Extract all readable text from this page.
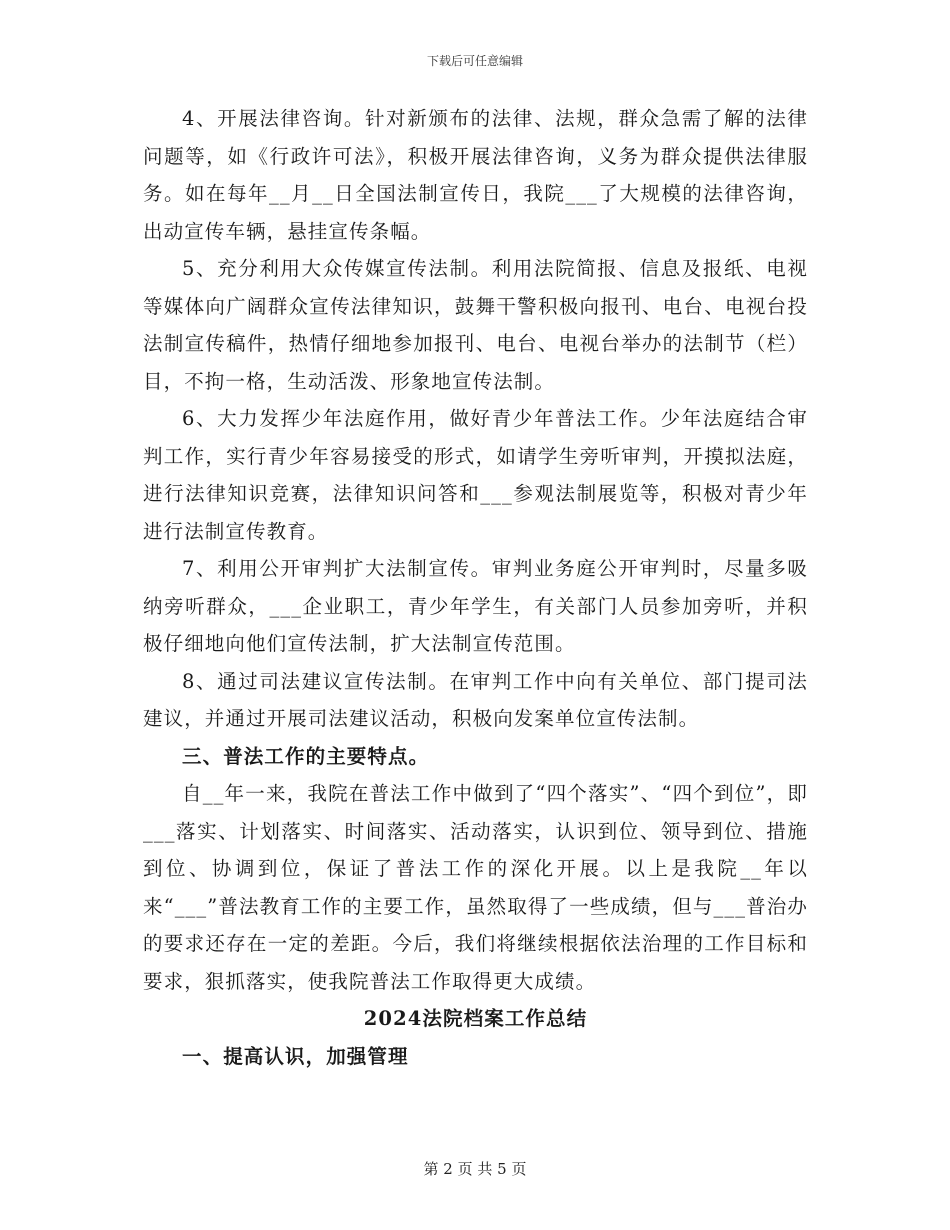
下载后可任意编辑

4、开展法律咨询。针对新颁布的法律、法规，群众急需了解的法律问题等，如《行政许可法》，积极开展法律咨询，义务为群众提供法律服务。如在每年__月__日全国法制宣传日，我院___了大规模的法律咨询，出动宣传车辆，悬挂宣传条幅。

5、充分利用大众传媒宣传法制。利用法院简报、信息及报纸、电视等媒体向广阔群众宣传法律知识，鼓舞干警积极向报刊、电台、电视台投法制宣传稿件，热情仔细地参加报刊、电台、电视台举办的法制节（栏）目，不拘一格，生动活泼、形象地宣传法制。

6、大力发挥少年法庭作用，做好青少年普法工作。少年法庭结合审判工作，实行青少年容易接受的形式，如请学生旁听审判，开摸拟法庭，进行法律知识竞赛，法律知识问答和___参观法制展览等，积极对青少年进行法制宣传教育。

7、利用公开审判扩大法制宣传。审判业务庭公开审判时，尽量多吸纳旁听群众，___企业职工，青少年学生，有关部门人员参加旁听，并积极仔细地向他们宣传法制，扩大法制宣传范围。

8、通过司法建议宣传法制。在审判工作中向有关单位、部门提司法建议，并通过开展司法建议活动，积极向发案单位宣传法制。

三、普法工作的主要特点。

自__年一来，我院在普法工作中做到了“四个落实”、“四个到位”，即___落实、计划落实、时间落实、活动落实，认识到位、领导到位、措施到位、协调到位，保证了普法工作的深化开展。以上是我院__年以来“___”普法教育工作的主要工作，虽然取得了一些成绩，但与___普治办的要求还存在一定的差距。今后，我们将继续根据依法治理的工作目标和要求，狠抓落实，使我院普法工作取得更大成绩。

2024法院档案工作总结

一、提高认识，加强管理

第 2 页 共 5 页
